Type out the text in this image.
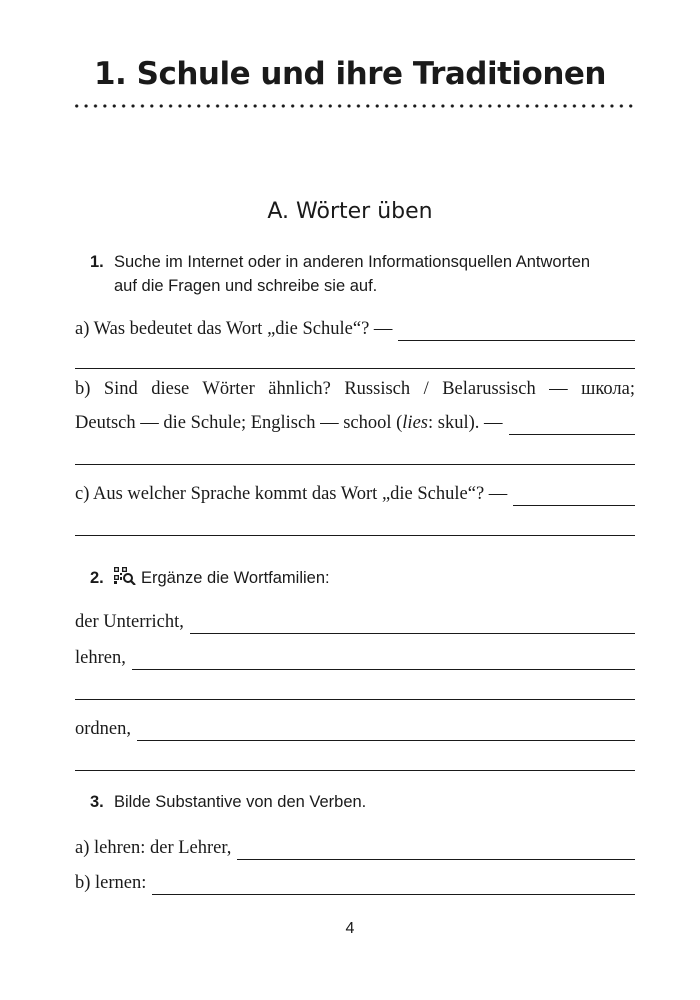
1. Schule und ihre Traditionen
A. Wörter üben
1. Suche im Internet oder in anderen Informationsquellen Antworten
auf die Fragen und schreibe sie auf.
a) Was bedeutet das Wort „die Schule“? —
b) Sind diese Wörter ähnlich? Russisch / Belarussisch — школа;
Deutsch — die Schule; Englisch — school (lies: skul). —
c) Aus welcher Sprache kommt das Wort „die Schule“? —
2. Ergänze die Wortfamilien:
der Unterricht,
lehren,
ordnen,
3. Bilde Substantive von den Verben.
a) lehren: der Lehrer,
b) lernen:
4
